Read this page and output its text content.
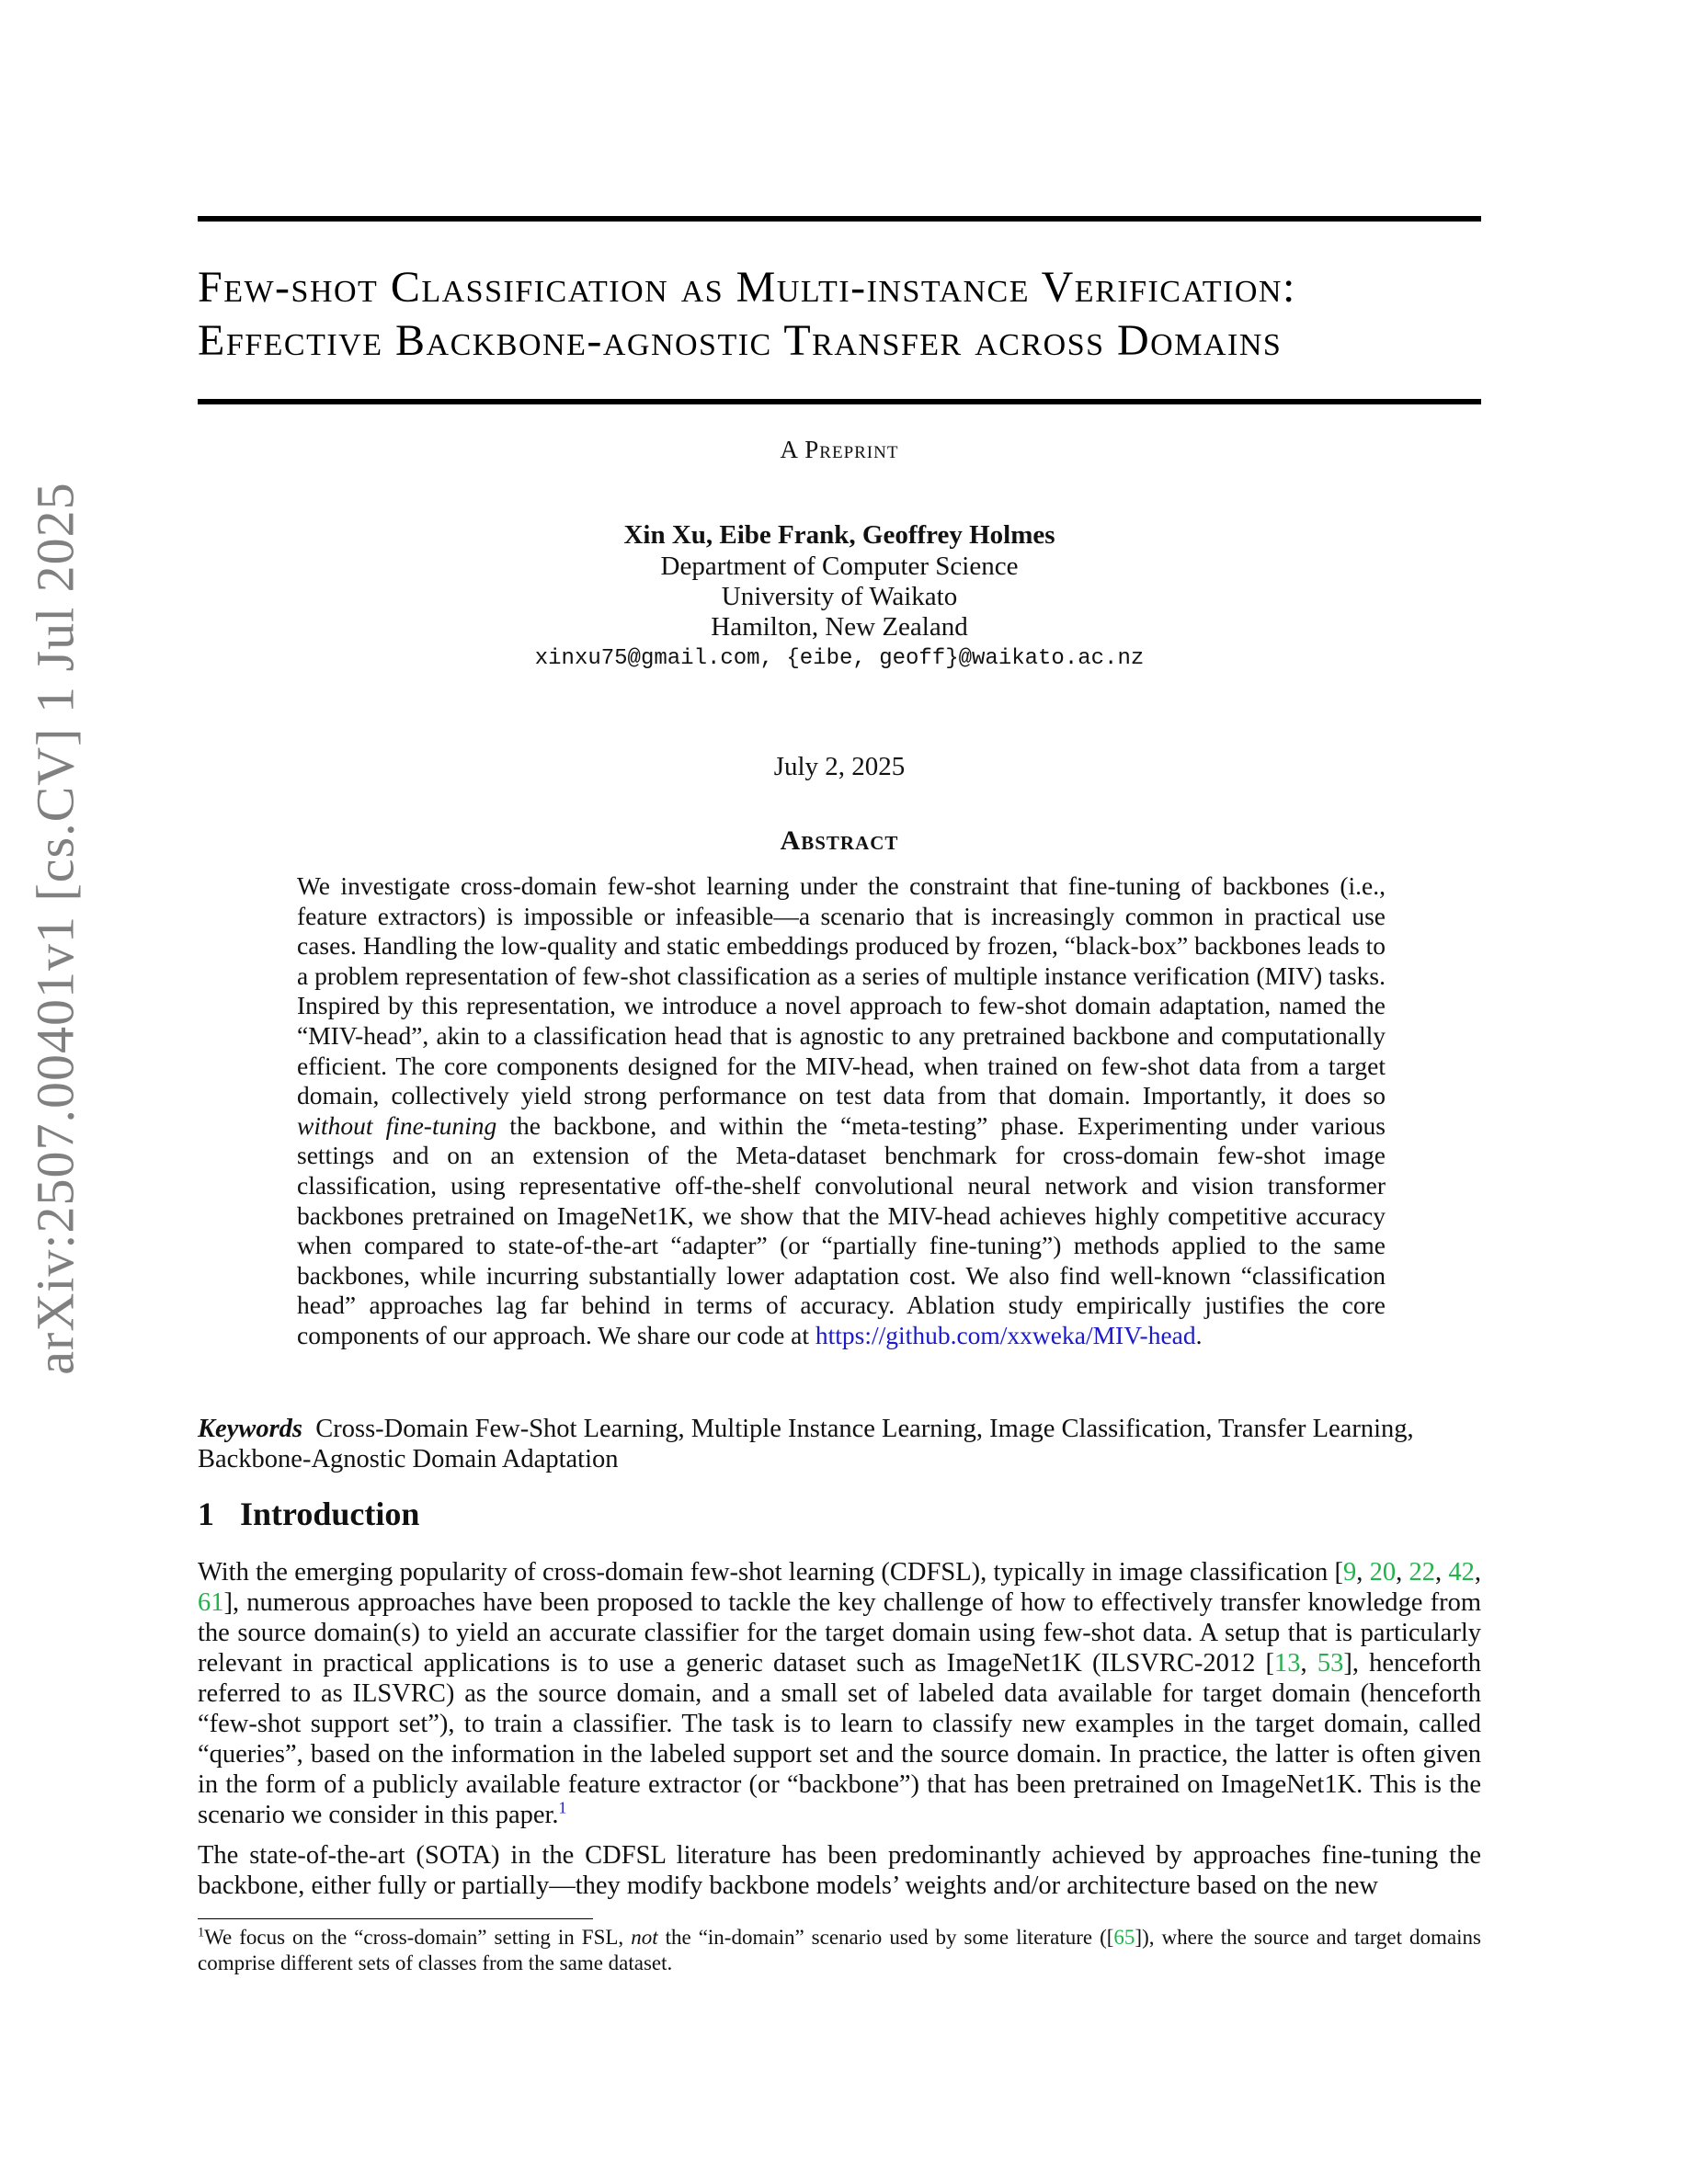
arXiv:2507.00401v1 [cs.CV] 1 Jul 2025
Few-shot Classification as Multi-instance Verification:
Effective Backbone-agnostic Transfer across Domains
A Preprint
Xin Xu, Eibe Frank, Geoffrey Holmes
Department of Computer Science
University of Waikato
Hamilton, New Zealand
xinxu75@gmail.com, {eibe, geoff}@waikato.ac.nz
July 2, 2025
Abstract

We investigate cross-domain few-shot learning under the constraint that fine-tuning of backbones (i.e., feature extractors) is impossible or infeasible—a scenario that is increasingly common in practical use cases. Handling the low-quality and static embeddings produced by frozen, “black-box” backbones leads to a problem representation of few-shot classification as a series of multiple instance verification (MIV) tasks. Inspired by this representation, we introduce a novel approach to few-shot domain adaptation, named the “MIV-head”, akin to a classification head that is agnostic to any pretrained backbone and computationally efficient. The core components designed for the MIV-head, when trained on few-shot data from a target domain, collectively yield strong performance on test data from that domain. Importantly, it does so without fine-tuning the backbone, and within the “meta-testing” phase. Experimenting under various settings and on an extension of the Meta-dataset benchmark for cross-domain few-shot image classification, using representative off-the-shelf convolutional neural network and vision transformer backbones pretrained on ImageNet1K, we show that the MIV-head achieves highly competitive accuracy when compared to state-of-the-art “adapter” (or “partially fine-tuning”) methods applied to the same backbones, while incurring substantially lower adaptation cost. We also find well-known “classification head” approaches lag far behind in terms of accuracy. Ablation study empirically justifies the core components of our approach. We share our code at https://github.com/xxweka/MIV-head.

Keywords Cross-Domain Few-Shot Learning, Multiple Instance Learning, Image Classification, Transfer Learning, Backbone-Agnostic Domain Adaptation

1 Introduction

With the emerging popularity of cross-domain few-shot learning (CDFSL), typically in image classification [9, 20, 22, 42, 61], numerous approaches have been proposed to tackle the key challenge of how to effectively transfer knowledge from the source domain(s) to yield an accurate classifier for the target domain using few-shot data. A setup that is particularly relevant in practical applications is to use a generic dataset such as ImageNet1K (ILSVRC-2012 [13, 53], henceforth referred to as ILSVRC) as the source domain, and a small set of labeled data available for target domain (henceforth “few-shot support set”), to train a classifier. The task is to learn to classify new examples in the target domain, called “queries”, based on the information in the labeled support set and the source domain. In practice, the latter is often given in the form of a publicly available feature extractor (or “backbone”) that has been pretrained on ImageNet1K. This is the scenario we consider in this paper.$^1$

The state-of-the-art (SOTA) in the CDFSL literature has been predominantly achieved by approaches fine-tuning the backbone, either fully or partially—they modify backbone models’ weights and/or architecture based on the new

$^1$We focus on the “cross-domain” setting in FSL, not the “in-domain” scenario used by some literature ([65]), where the source and target domains comprise different sets of classes from the same dataset.
